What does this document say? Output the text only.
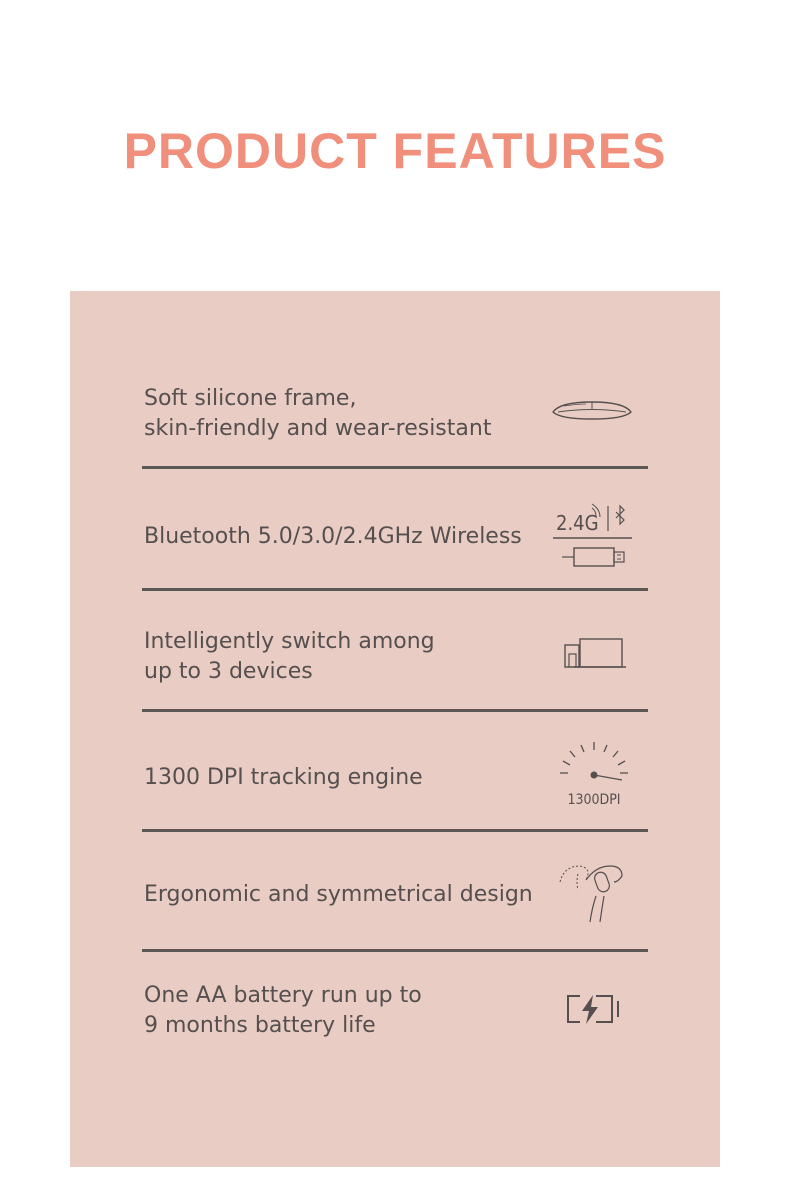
PRODUCT FEATURES
Soft silicone frame,
skin-friendly and wear-resistant
Bluetooth 5.0/3.0/2.4GHz Wireless
2.4G
Intelligently switch among
up to 3 devices
1300 DPI tracking engine
1300DPI
Ergonomic and symmetrical design
One AA battery run up to
9 months battery life
